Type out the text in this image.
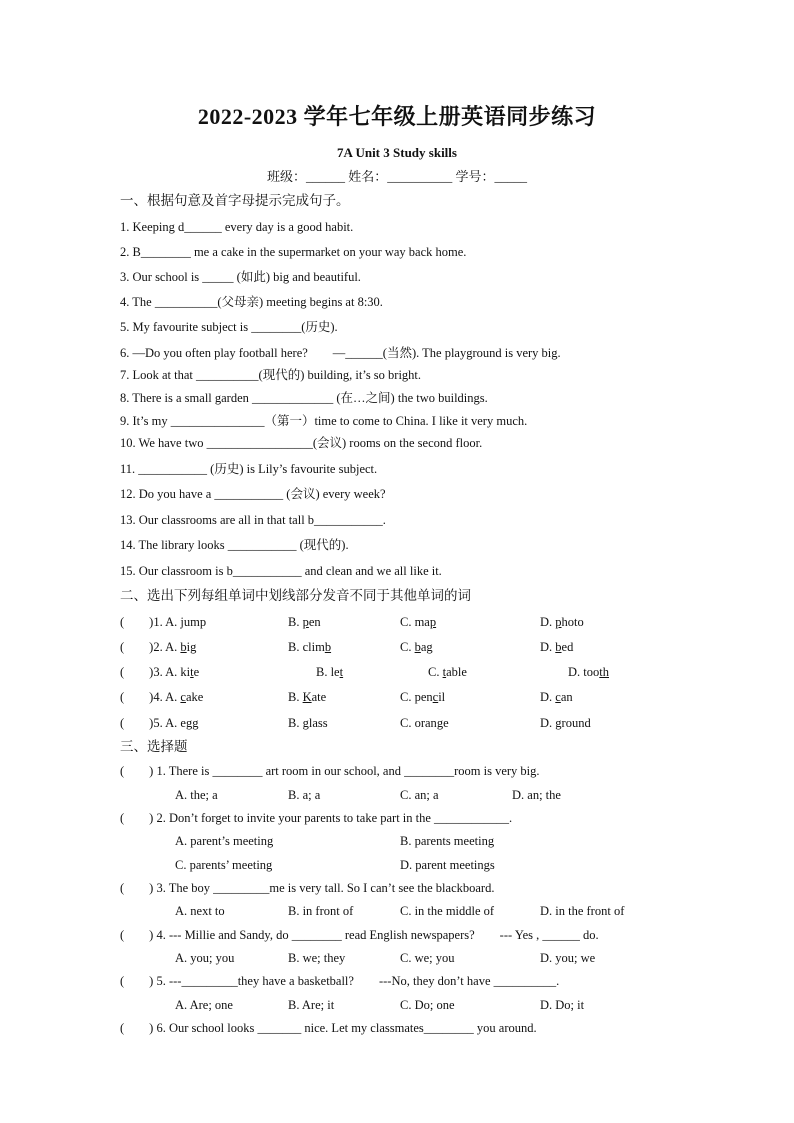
2022-2023 学年七年级上册英语同步练习
7A Unit 3 Study skills
班级：______ 姓名：__________ 学号：_____
一、根据句意及首字母提示完成句子。
1. Keeping d______ every day is a good habit.
2. B________ me a cake in the supermarket on your way back home.
3. Our school is _____ (如此) big and beautiful.
4. The __________(父母亲) meeting begins at 8:30.
5. My favourite subject is ________(历史).
6. —Do you often play football here?　　—______(当然). The playground is very big.
7. Look at that __________(现代的) building, it’s so bright.
8. There is a small garden _____________ (在…之间) the two buildings.
9. It’s my _______________（第一）time to come to China. I like it very much.
10. We have two _________________(会议) rooms on the second floor.
11. ___________ (历史) is Lily’s favourite subject.
12. Do you have a ___________ (会议) every week?
13. Our classrooms are all in that tall b___________.
14. The library looks ___________ (现代的).
15. Our classroom is b___________ and clean and we all like it.
二、选出下列每组单词中划线部分发音不同于其他单词的词
(　　)1. A. jump	B. pen	C. map	D. photo
(　　)2. A. big	B. climb	C. bag	D. bed
(　　)3. A. kite	B. let	C. table	D. tooth
(　　)4. A. cake	B. Kate	C. pencil	D. can
(　　)5. A. egg	B. glass	C. orange	D. ground
三、选择题
(　　) 1. There is ________ art room in our school, and ________room is very big.
A. the; a	B. a; a	C. an; a	D. an; the
(　　) 2. Don’t forget to invite your parents to take part in the ____________.
A. parent’s meeting	B. parents meeting
C. parents’ meeting	D. parent meetings
(　　) 3. The boy _________me is very tall. So I can’t see the blackboard.
A. next to	B. in front of	C. in the middle of	D. in the front of
(　　) 4. --- Millie and Sandy, do ________ read English newspapers?　　--- Yes , ______ do.
A. you; you	B. we; they	C. we; you	D. you; we
(　　) 5. ---_________they have a basketball?　　---No, they don’t have __________.
A. Are; one	B. Are; it	C. Do; one	D. Do; it
(　　) 6. Our school looks _______ nice. Let my classmates________ you around.
